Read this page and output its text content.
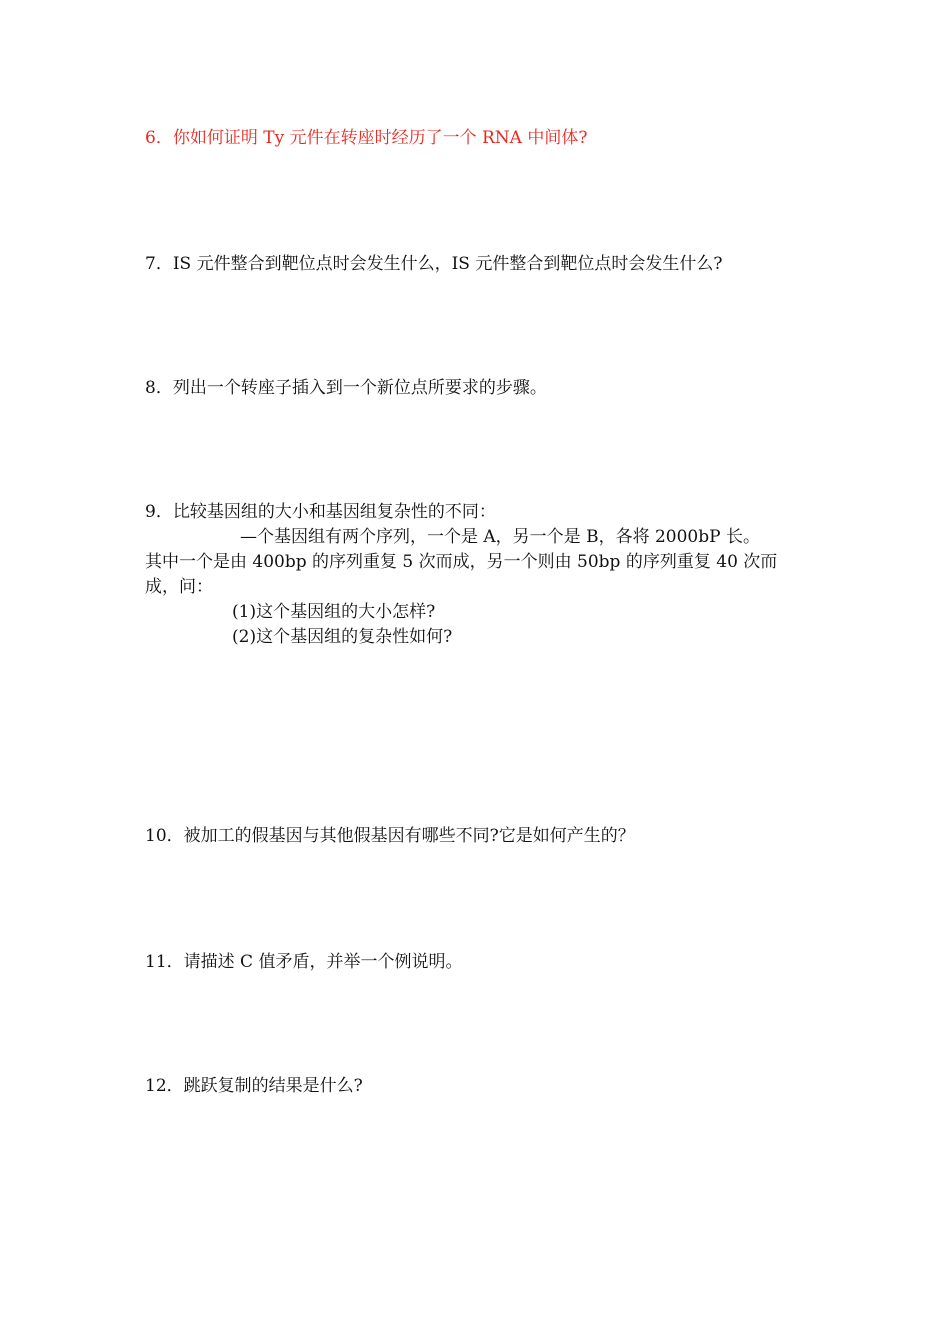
6．你如何证明 Ty 元件在转座时经历了一个 RNA 中间体?
7．IS 元件整合到靶位点时会发生什么，IS 元件整合到靶位点时会发生什么?
8．列出一个转座子插入到一个新位点所要求的步骤。
9．比较基因组的大小和基因组复杂性的不同：
—个基因组有两个序列，一个是 A，另一个是 B，各将 2000bP 长。
其中一个是由 400bp 的序列重复 5 次而成，另一个则由 50bp 的序列重复 40 次而
成，问：
(1)这个基因组的大小怎样?
(2)这个基因组的复杂性如何?
10．被加工的假基因与其他假基因有哪些不同?它是如何产生的？
11．请描述 C 值矛盾，并举一个例说明。
12．跳跃复制的结果是什么?
